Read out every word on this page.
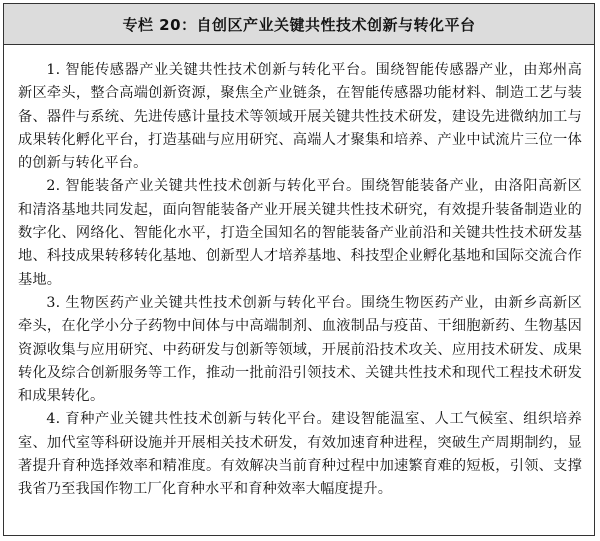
专栏 20：自创区产业关键共性技术创新与转化平台

1. 智能传感器产业关键共性技术创新与转化平台。围绕智能传感器产业，由郑州高新区牵头，整合高端创新资源，聚焦全产业链条，在智能传感器功能材料、制造工艺与装备、器件与系统、先进传感计量技术等领域开展关键共性技术研发，建设先进微纳加工与成果转化孵化平台，打造基础与应用研究、高端人才聚集和培养、产业中试流片三位一体的创新与转化平台。

2. 智能装备产业关键共性技术创新与转化平台。围绕智能装备产业，由洛阳高新区和清洛基地共同发起，面向智能装备产业开展关键共性技术研究，有效提升装备制造业的数字化、网络化、智能化水平，打造全国知名的智能装备产业前沿和关键共性技术研发基地、科技成果转移转化基地、创新型人才培养基地、科技型企业孵化基地和国际交流合作基地。

3. 生物医药产业关键共性技术创新与转化平台。围绕生物医药产业，由新乡高新区牵头，在化学小分子药物中间体与中高端制剂、血液制品与疫苗、干细胞新药、生物基因资源收集与应用研究、中药研发与创新等领域，开展前沿技术攻关、应用技术研发、成果转化及综合创新服务等工作，推动一批前沿引领技术、关键共性技术和现代工程技术研发和成果转化。

4. 育种产业关键共性技术创新与转化平台。建设智能温室、人工气候室、组织培养室、加代室等科研设施并开展相关技术研发，有效加速育种进程，突破生产周期制约，显著提升育种选择效率和精准度。有效解决当前育种过程中加速繁育难的短板，引领、支撑我省乃至我国作物工厂化育种水平和育种效率大幅度提升。
